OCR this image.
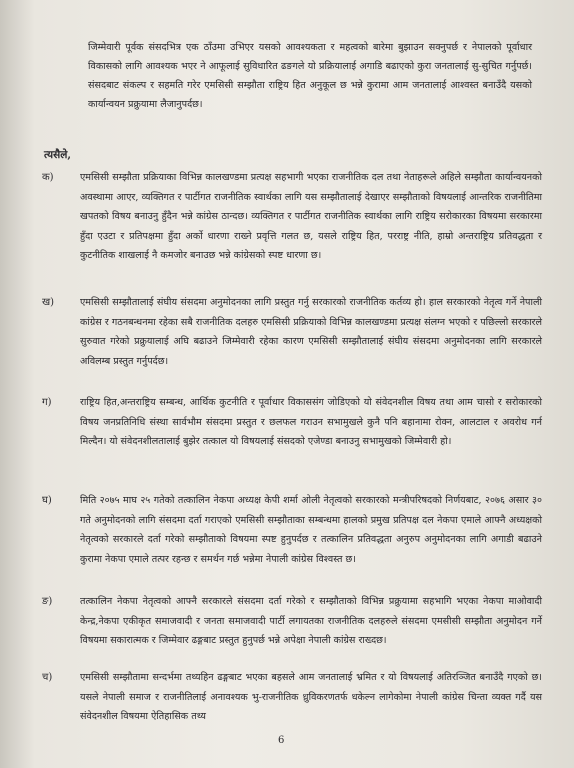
जिम्मेवारी पूर्वक संसदभित्र एक ठाँउमा उभिएर यसको आवश्यकता र महत्वको बारेमा बुझाउन सक्नुपर्छ र नेपालको पूर्वाधार विकासको लागि आवश्यक भएर ने आफूलाई सुविधारित ढङगले यो प्रक्रियालाई अगाडि बढाएको कुरा जनतालाई सु-सुचित गर्नुपर्छ। संसदबाट संकल्प र सहमति गरेर एमसिसी सम्झौता राष्ट्रिय हित अनुकूल छ भन्ने कुरामा आम जनतालाई आश्वस्त बनाउँदै यसको कार्यान्वयन प्रक्रुयामा लैजानुपर्दछ।

त्यसैले,

क)	एमसिसी सम्झौता प्रक्रियाका विभिन्न कालखण्डमा प्रत्यक्ष सहभागी भएका राजनीतिक दल तथा नेताहरूले अहिले सम्झौता कार्यान्वयनको अवस्थामा आएर, व्यक्तिगत र पार्टीगत राजनीतिक स्वार्थका लागि यस सम्झौतालाई देखाएर सम्झौताको विषयलाई आन्तरिक राजनीतिमा खपतको विषय बनाउनु हुँदैन भन्ने कांग्रेस ठान्दछ। व्यक्तिगत र पार्टीगत राजनीतिक स्वार्थका लागि राष्ट्रिय सरोकारका विषयमा सरकारमा हुँदा एउटा र प्रतिपक्षमा हुँदा अर्को धारणा राख्ने प्रवृत्ति गलत छ, यसले राष्ट्रिय हित, परराष्ट्र नीति, हाम्रो अन्तराष्ट्रिय प्रतिवद्धता र कुटनीतिक शाखलाई नै कमजोर बनाउछ भन्ने कांग्रेसको स्पष्ट धारणा छ।

ख)	एमसिसी सम्झौतालाई संघीय संसदमा अनुमोदनका लागि प्रस्तुत गर्नु सरकारको राजनीतिक कर्तव्य हो। हाल सरकारको नेतृत्व गर्ने नेपाली कांग्रेस र गठनबन्धनमा रहेका सबै राजनीतिक दलहरु एमसिसी प्रक्रियाको विभिन्न कालखण्डमा प्रत्यक्ष संलग्न भएको र पछिल्लो सरकारले सुरुवात गरेको प्रक्रुयालाई अघि बढाउने जिम्मेवारी रहेका कारण एमसिसी सम्झौतालाई संघीय संसदमा अनुमोदनका लागि सरकारले अविलम्ब प्रस्तुत गर्नुपर्दछ।

ग)	राष्ट्रिय हित,अन्तराष्ट्रिय सम्बन्ध, आर्थिक कुटनीति र पूर्वाधार विकाससंग जोडिएको यो संवेदनशील विषय तथा आम चासो र सरोकारको विषय जनप्रतिनिधि संस्था सार्वभौम संसदमा प्रस्तुत र छलफल गराउन सभामुखले कुनै पनि बहानामा रोक्न, आलटाल र अवरोध गर्न मिल्दैन। यो संवेदनशीलतालाई बुझेर तत्काल यो विषयलाई संसदको एजेण्डा बनाउनु सभामुखको जिम्मेवारी हो।

घ)	मिति २०७५ माघ २५ गतेको तत्कालिन नेकपा अध्यक्ष केपी शर्मा ओली नेतृत्वको सरकारको मन्त्रीपरिषदको निर्णयबाट, २०७६ असार ३० गते अनुमोदनको लागि संसदमा दर्ता गराएको एमसिसी सम्झौताका सम्बन्धमा हालको प्रमुख प्रतिपक्ष दल नेकपा एमाले आफ्नै अध्यक्षको नेतृत्वको सरकारले दर्ता गरेको सम्झौताको विषयमा स्पष्ट हुनुपर्दछ र तत्कालिन प्रतिवद्धता अनुरुप अनुमोदनका लागि अगाडी बढाउने कुरामा नेकपा एमाले तत्पर रहन्छ र समर्थन गर्छ भन्नेमा नेपाली कांग्रेस विश्वस्त छ।

ङ)	तत्कालिन नेकपा नेतृत्वको आफ्नै सरकारले संसदमा दर्ता गरेको र सम्झौताको विभिन्न प्रक्रुयामा सहभागि भएका नेकपा माओवादी केन्द्र,नेकपा एकीकृत समाजवादी र जनता समाजवादी पार्टी लगायतका राजनीतिक दलहरुले संसदमा एमसीसी सम्झौता अनुमोदन गर्ने विषयमा सकारात्मक र जिम्मेवार ढङ्गबाट प्रस्तुत हुनुपर्छ भन्ने अपेक्षा नेपाली कांग्रेस राख्दछ।

च)	एमसिसी सम्झौतामा सन्दर्भमा तथ्यहिन ढङ्गबाट भएका बहसले आम जनतालाई भ्रमित र यो विषयलाई अतिरञ्जित बनाउँदै गएको छ। यसले नेपाली समाज र राजनीतिलाई अनावश्यक भु-राजनीतिक ध्रुविकरणतर्फ धकेल्न लागेकोमा नेपाली कांग्रेस चिन्ता व्यक्त गर्दै यस संवेदनशील विषयमा ऐतिहासिक तथ्य

6
